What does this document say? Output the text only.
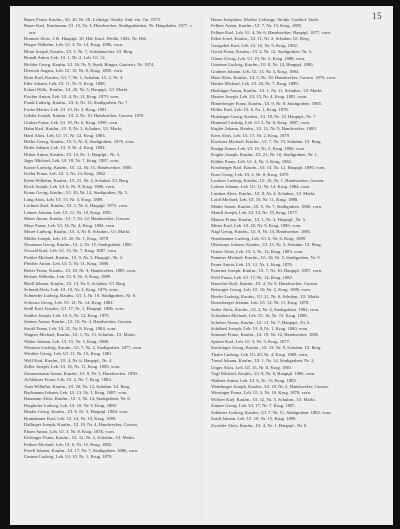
15
Bauer Franz, Kaufm., Kl. 20, Nr. 18, Leibzige. Straße, Süd. ein. Ort. 1875.
Bauer Karl, Kaufmann, Ul. 15, Nr. 3, Handwerker, Stadtgrabenkat, Nr. Hauptbahn. 1877, vorn.
Brunner Alois, 1 St. Hauptpl. 10, Hdt. Kauf. Wedtk. 1882, Nr. Hdt.
Berger Wilhelm, Leb. Ul. 3, Nr. 14, Krug. 1886, vorn.
Blum Joseph, Kaufm., Ul. 3. Nr. 7, Schuhmacher, Ul. Berg.
Brandl Anton, Leb. Ul. 1, Nr. 2, Leb. Ul. 12.
Bichler Georg, Kaufm. Ul. 16, Nr. 9, Stadt, Bürger, Gastwirt, Nr. 1874.
Dietrich August, Leb. Ul. 10, Nr. 8, Krug. 1885, vorn.
Dorn Karl, Kaufm., Ul. 7, Nr. 1, Schuhm. Ul. 2, Nr. 4.
Eder Johann, Leb. Ul. 11, Nr. 9, Krug. 1888.
Eckert Wilh., Kaufm., Ul. 20, Nr. 5, Hauptpl., Ul. Markt.
Fischer Anton, Leb. Ul. 4, Nr. 11, Krug. 1879, vorn.
Frank Ludwig, Kaufm., Ul. 6, Nr. 15, Stadtgraben, Nr. 7.
Fuchs Martin, Leb. Ul. 13, Nr. 2, Krug. 1881.
Gabler Joseph, Kaufm., Ul. 2, Nr. 10, Handwerker, Gassen. 1878.
Gruber Franz, Leb. Ul. 19, Nr. 6, Krug. 1890, vorn.
Hahn Karl, Kaufm., Ul. 8, Nr. 3, Schuhm., Ul. Markt.
Hartl Alois, Leb. Ul. 17, Nr. 12, Krug. 1883.
Heller Georg, Kaufm., Ul. 5, Nr. 8, Stadtgraben. 1876, vorn.
Hofer Johann, Leb. Ul. 9, Nr. 4, Krug. 1884.
Huber Anton, Kaufm., Ul. 14, Nr. 1, Hauptpl., Nr. 3.
Jäger Michael, Leb. Ul. 18, Nr. 7, Krug. 1887, vorn.
Kaiser Ludwig, Kaufm., Ul. 12, Nr. 11, Handwerker. 1880.
Keller Franz, Leb. Ul. 3, Nr. 13, Krug. 1882.
Klein Wilhelm, Kaufm., Ul. 21, Nr. 2, Schuhm. Ul. Berg.
Koch Joseph, Leb. Ul. 6, Nr. 9, Krug. 1886, vorn.
Kraus Georg, Kaufm., Ul. 10, Nr. 14, Stadtgraben, Nr. 5.
Lang Alois, Leb. Ul. 15, Nr. 3, Krug. 1889.
Lechner Karl, Kaufm., Ul. 1, Nr. 6, Hauptpl. 1875, vorn.
Lehner Johann, Leb. Ul. 11, Nr. 10, Krug. 1881.
Maier Anton, Kaufm., Ul. 7, Nr. 12, Handwerker, Gassen.
Mayr Franz, Leb. Ul. 16, Nr. 4, Krug. 1884, vorn.
Moser Ludwig, Kaufm., Ul. 4, Nr. 8, Schuhm., Ul. Markt.
Müller Joseph, Leb. Ul. 20, Nr. 1, Krug. 1878.
Neumann Georg, Kaufm., Ul. 2, Nr. 15, Stadtgraben. 1883.
Oswald Karl, Leb. Ul. 13, Nr. 7, Krug. 1887, vorn.
Pichler Michael, Kaufm., Ul. 9, Nr. 5, Hauptpl., Nr. 2.
Pfeiffer Anton, Leb. Ul. 5, Nr. 11, Krug. 1880.
Reiter Franz, Kaufm., Ul. 18, Nr. 3, Handwerker. 1885, vorn.
Richter Wilhelm, Leb. Ul. 8, Nr. 9, Krug. 1889.
Riedl Johann, Kaufm., Ul. 14, Nr. 6, Schuhm. Ul. Berg.
Schmid Alois, Leb. Ul. 19, Nr. 2, Krug. 1876, vorn.
Schneider Ludwig, Kaufm., Ul. 3, Nr. 10, Stadtgraben, Nr. 8.
Schwarz Georg, Leb. Ul. 12, Nr. 14, Krug. 1882.
Seidl Karl, Kaufm., Ul. 17, Nr. 1, Hauptpl. 1886, vorn.
Stadler Joseph, Leb. Ul. 6, Nr. 12, Krug. 1879.
Steiner Anton, Kaufm., Ul. 10, Nr. 4, Handwerker, Gassen.
Strobl Franz, Leb. Ul. 21, Nr. 8, Krug. 1884, vorn.
Wagner Michael, Kaufm., Ul. 1, Nr. 13, Schuhm., Ul. Markt.
Weber Johann, Leb. Ul. 15, Nr. 5, Krug. 1888.
Wimmer Ludwig, Kaufm., Ul. 7, Nr. 2, Stadtgraben. 1877, vorn.
Winkler Georg, Leb. Ul. 11, Nr. 15, Krug. 1881.
Wolf Karl, Kaufm., Ul. 4, Nr. 6, Hauptpl., Nr. 4.
Zeller Joseph, Leb. Ul. 16, Nr. 11, Krug. 1885, vorn.
Zimmermann Anton, Kaufm., Ul. 9, Nr. 3, Handwerker. 1890.
Achleitner Franz, Leb. Ul. 2, Nr. 7, Krug. 1883.
Auer Wilhelm, Kaufm., Ul. 20, Nr. 12, Schuhm. Ul. Berg.
Bachmann Johann, Leb. Ul. 13, Nr. 1, Krug. 1887, vorn.
Baumann Alois, Kaufm., Ul. 5, Nr. 14, Stadtgraben, Nr. 6.
Berghofer Ludwig, Leb. Ul. 18, Nr. 9, Krug. 1880.
Binder Georg, Kaufm., Ul. 8, Nr. 5, Hauptpl. 1884, vorn.
Brunnbauer Karl, Leb. Ul. 14, Nr. 10, Krug. 1889.
Dallinger Joseph, Kaufm., Ul. 19, Nr. 4, Handwerker, Gassen.
Ebner Anton, Leb. Ul. 3, Nr. 8, Krug. 1876, vorn.
Eichinger Franz, Kaufm., Ul. 12, Nr. 2, Schuhm., Ul. Markt.
Fellner Michael, Leb. Ul. 6, Nr. 15, Krug. 1882.
Friedl Johann, Kaufm., Ul. 17, Nr. 7, Stadtgraben. 1886, vorn.
Gartner Ludwig, Leb. Ul. 10, Nr. 1, Krug. 1879.
Hauer Josephine, Modist. Leibzige. Straße, Gasthof. Stadt.
Fellner Anton, Kaufm., Ul. 7, Nr. 13, Krug. 1885.
Fellner Karl, Leb. Ul. 4, Nr. 6, Handwerker, Hauptpl. 1877, vorn.
Faber Josef, Kaufm., Ul. 11, Nr. 2, Schuhm. Ul. Berg.
Gastgeber Karl, Leb. Ul. 16, Nr. 9, Krug. 1882.
Gerstl Franz, Kaufm., Ul. 2, Nr. 12, Stadtgraben, Nr. 3.
Glaser Georg, Leb. Ul. 19, Nr. 5, Krug. 1888, vorn.
Gmeiner Ludwig, Kaufm., Ul. 8, Nr. 14, Hauptpl. 1880.
Grabner Johann, Leb. Ul. 13, Nr. 3, Krug. 1884.
Haas Alois, Kaufm., Ul. 5, Nr. 10, Handwerker, Gassen. 1876, vorn.
Haider Michael, Leb. Ul. 20, Nr. 7, Krug. 1889.
Haslinger Anton, Kaufm., Ul. 1, Nr. 11, Schuhm., Ul. Markt.
Hauser Joseph, Leb. Ul. 15, Nr. 4, Krug. 1881, vorn.
Hinterberger Franz, Kaufm., Ul. 9, Nr. 8, Stadtgraben. 1885.
Höller Karl, Leb. Ul. 6, Nr. 1, Krug. 1878.
Holzinger Georg, Kaufm., Ul. 18, Nr. 13, Hauptpl., Nr. 7.
Hummel Ludwig, Leb. Ul. 3, Nr. 6, Krug. 1887, vorn.
Kapfer Johann, Kaufm., Ul. 12, Nr. 9, Handwerker. 1883.
Kern Alois, Leb. Ul. 17, Nr. 2, Krug. 1879.
Kirchner Michael, Kaufm., Ul. 7, Nr. 15, Schuhm. Ul. Berg.
Knapp Anton, Leb. Ul. 10, Nr. 5, Krug. 1886, vorn.
Kogler Joseph, Kaufm., Ul. 21, Nr. 10, Stadtgraben, Nr. 1.
Köhler Franz, Leb. Ul. 4, Nr. 3, Krug. 1882.
Kronberger Karl, Kaufm., Ul. 14, Nr. 12, Hauptpl. 1890, vorn.
Kurz Georg, Leb. Ul. 2, Nr. 8, Krug. 1875.
Lackner Ludwig, Kaufm., Ul. 16, Nr. 1, Handwerker, Gassen.
Leitner Johann, Leb. Ul. 11, Nr. 14, Krug. 1884, vorn.
Lindner Alois, Kaufm., Ul. 8, Nr. 4, Schuhm., Ul. Markt.
Loidl Michael, Leb. Ul. 19, Nr. 11, Krug. 1888.
Mader Anton, Kaufm., Ul. 5, Nr. 7, Stadtgraben. 1880, vorn.
Mandl Joseph, Leb. Ul. 13, Nr. 15, Krug. 1877.
Maurer Franz, Kaufm., Ul. 1, Nr. 2, Hauptpl., Nr. 5.
Mitter Karl, Leb. Ul. 20, Nr. 9, Krug. 1885, vorn.
Nagl Georg, Kaufm., Ul. 9, Nr. 13, Handwerker. 1881.
Nussbaumer Ludwig, Leb. Ul. 6, Nr. 6, Krug. 1889.
Obermayr Johann, Kaufm., Ul. 15, Nr. 3, Schuhm. Ul. Berg.
Ortner Alois, Leb. Ul. 3, Nr. 12, Krug. 1883, vorn.
Pammer Michael, Kaufm., Ul. 18, Nr. 5, Stadtgraben, Nr. 9.
Pauer Anton, Leb. Ul. 12, Nr. 1, Krug. 1876.
Pointner Joseph, Kaufm., Ul. 7, Nr. 10, Hauptpl. 1887, vorn.
Pröll Franz, Leb. Ul. 17, Nr. 14, Krug. 1882.
Rauscher Karl, Kaufm., Ul. 4, Nr. 8, Handwerker, Gassen.
Reisinger Georg, Leb. Ul. 10, Nr. 2, Krug. 1886, vorn.
Rieder Ludwig, Kaufm., Ul. 21, Nr. 6, Schuhm., Ul. Markt.
Rosenberger Johann, Leb. Ul. 14, Nr. 11, Krug. 1879.
Sailer Alois, Kaufm., Ul. 2, Nr. 4, Stadtgraben. 1884, vorn.
Schachner Michael, Leb. Ul. 16, Nr. 15, Krug. 1888.
Schober Anton, Kaufm., Ul. 11, Nr. 7, Hauptpl., Nr. 6.
Schöberl Joseph, Leb. Ul. 8, Nr. 1, Krug. 1880, vorn.
Sommer Franz, Kaufm., Ul. 19, Nr. 12, Handwerker. 1885.
Spitzer Karl, Leb. Ul. 5, Nr. 3, Krug. 1877.
Stockinger Georg, Kaufm., Ul. 13, Nr. 9, Schuhm. Ul. Berg.
Thaler Ludwig, Leb. Ul. 20, Nr. 4, Krug. 1889, vorn.
Treml Johann, Kaufm., Ul. 1, Nr. 14, Stadtgraben, Nr. 2.
Unger Alois, Leb. Ul. 15, Nr. 8, Krug. 1881.
Vogl Michael, Kaufm., Ul. 9, Nr. 6, Hauptpl. 1886, vorn.
Wallner Anton, Leb. Ul. 6, Nr. 13, Krug. 1883.
Weinberger Joseph, Kaufm., Ul. 18, Nr. 2, Handwerker, Gassen.
Wiesinger Franz, Leb. Ul. 3, Nr. 10, Krug. 1878, vorn.
Wöhrer Karl, Kaufm., Ul. 12, Nr. 5, Schuhm., Ul. Markt.
Zauner Georg, Leb. Ul. 17, Nr. 7, Krug. 1887.
Zehetner Ludwig, Kaufm., Ul. 7, Nr. 11, Stadtgraben. 1882, vorn.
Zoidl Johann, Leb. Ul. 10, Nr. 15, Krug. 1890.
Zwettler Alois, Kaufm., Ul. 4, Nr. 1, Hauptpl., Nr. 8.
